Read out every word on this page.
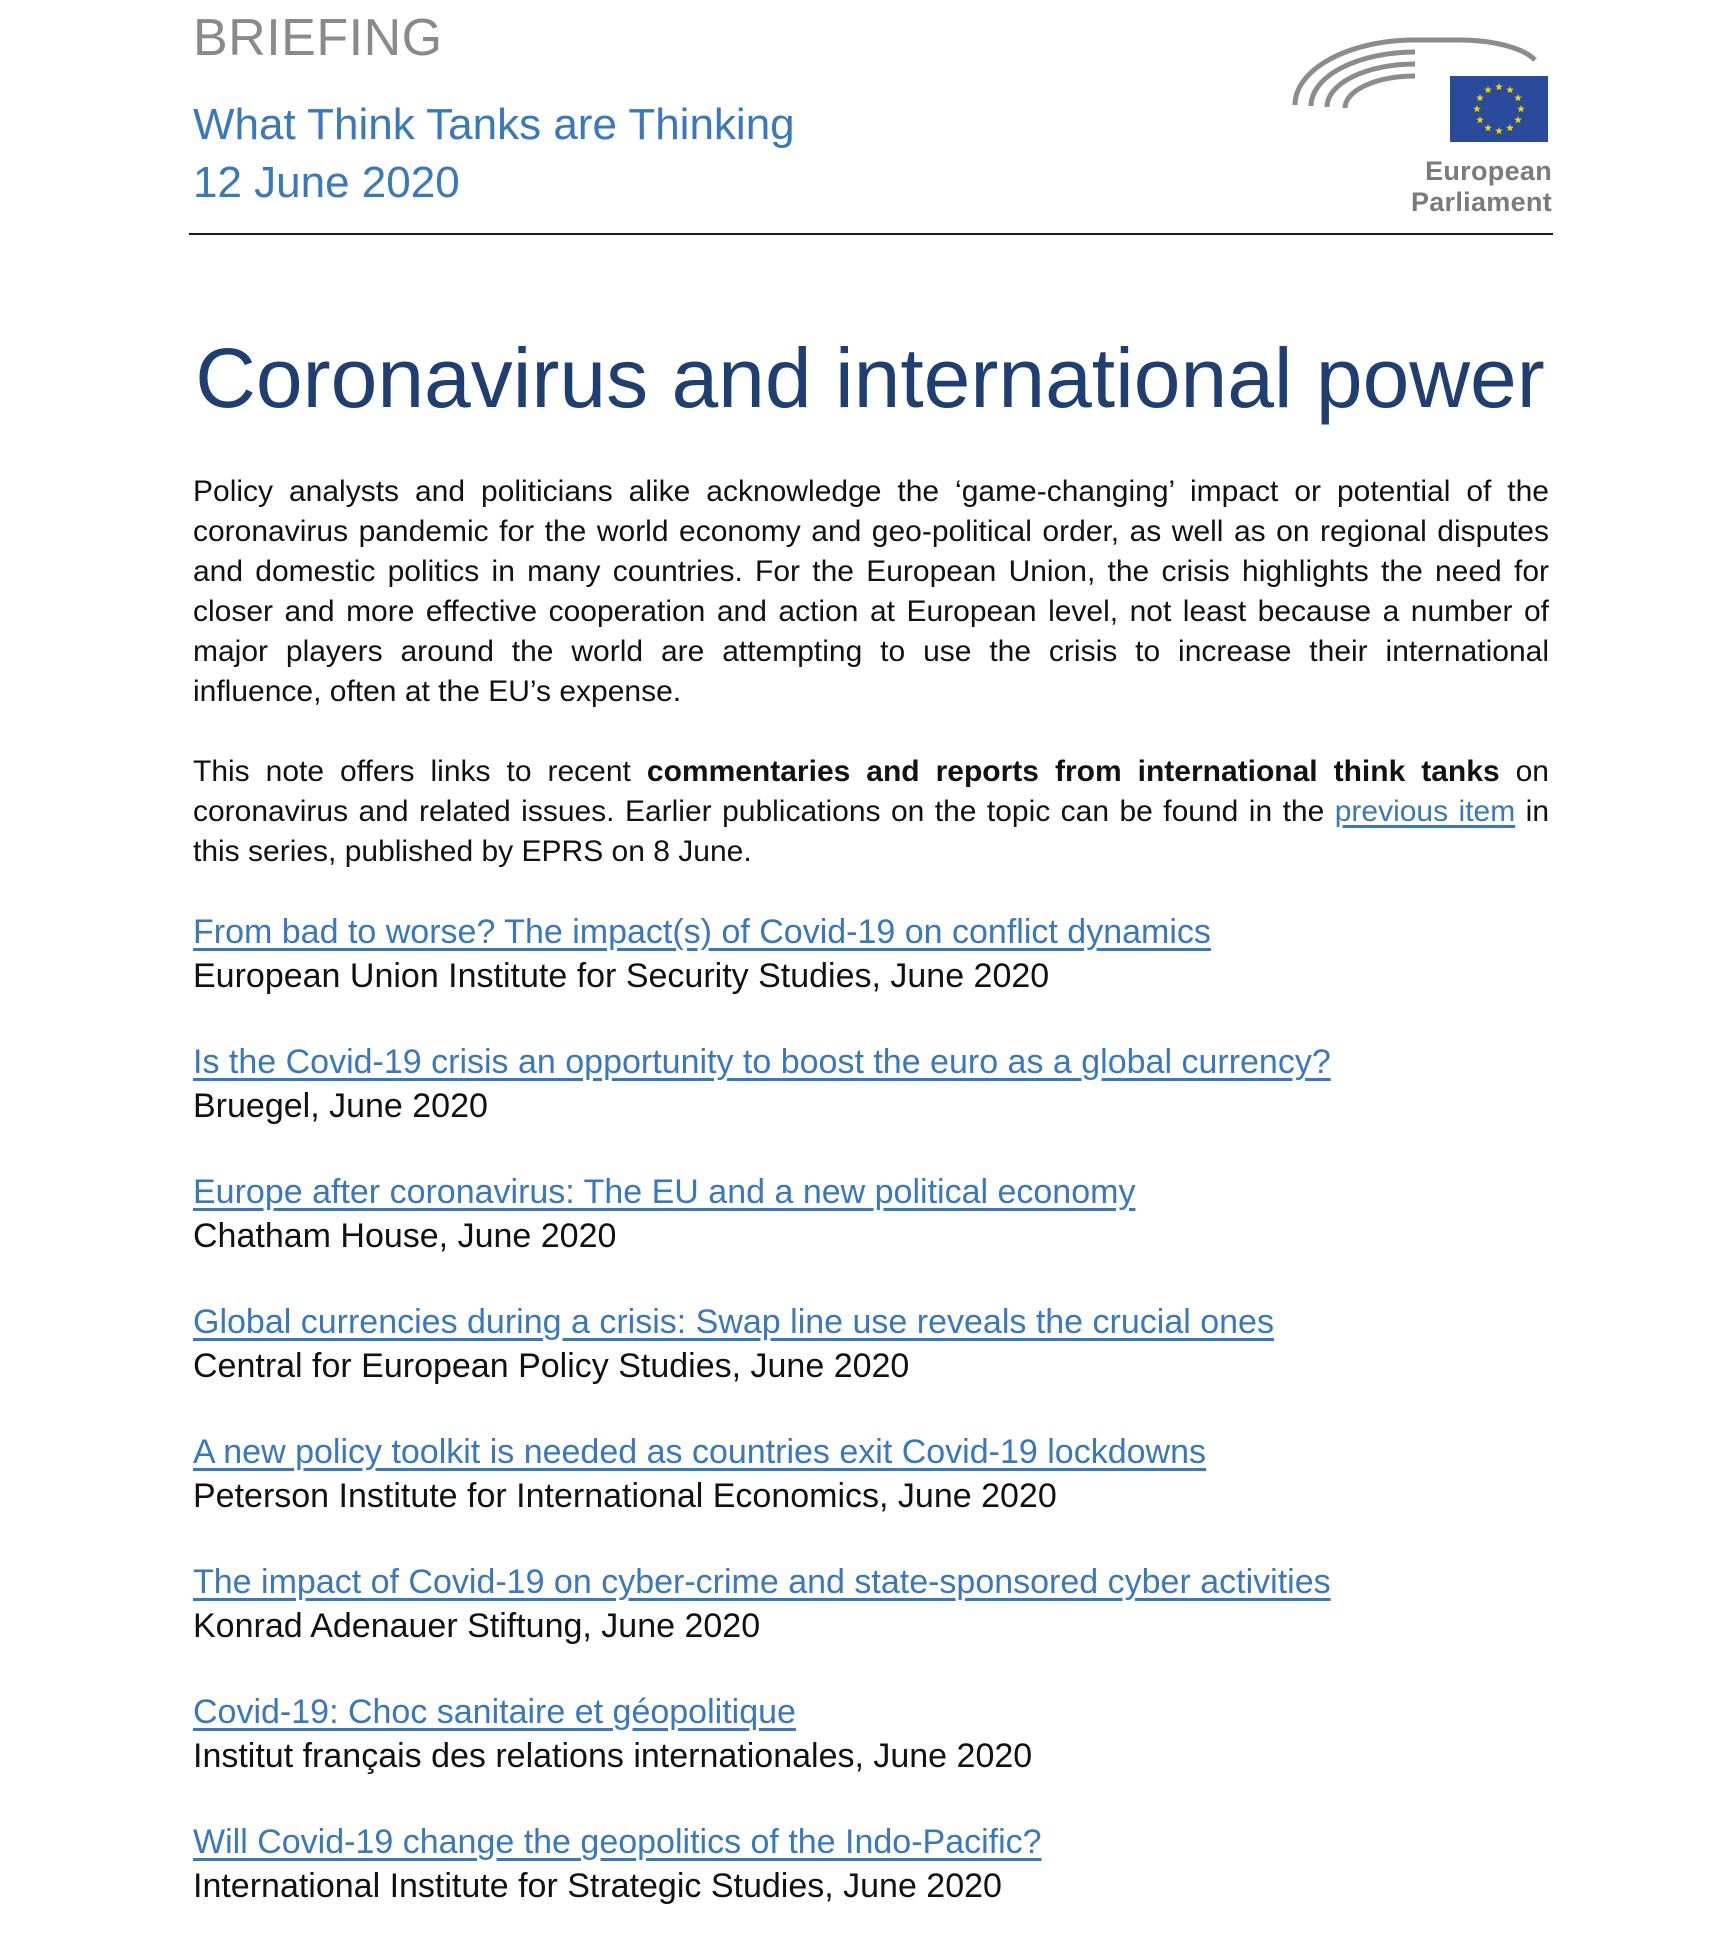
BRIEFING
What Think Tanks are Thinking
12 June 2020	European Parliament
Coronavirus and international power

Policy analysts and politicians alike acknowledge the ‘game-changing’ impact or potential of the coronavirus pandemic for the world economy and geo-political order, as well as on regional disputes and domestic politics in many countries. For the European Union, the crisis highlights the need for closer and more effective cooperation and action at European level, not least because a number of major players around the world are attempting to use the crisis to increase their international influence, often at the EU’s expense.

This note offers links to recent commentaries and reports from international think tanks on coronavirus and related issues. Earlier publications on the topic can be found in the previous item in this series, published by EPRS on 8 June.

From bad to worse? The impact(s) of Covid-19 on conflict dynamics
European Union Institute for Security Studies, June 2020
Is the Covid-19 crisis an opportunity to boost the euro as a global currency?
Bruegel, June 2020
Europe after coronavirus: The EU and a new political economy
Chatham House, June 2020
Global currencies during a crisis: Swap line use reveals the crucial ones
Central for European Policy Studies, June 2020
A new policy toolkit is needed as countries exit Covid-19 lockdowns
Peterson Institute for International Economics, June 2020
The impact of Covid-19 on cyber-crime and state-sponsored cyber activities
Konrad Adenauer Stiftung, June 2020
Covid-19: Choc sanitaire et géopolitique
Institut français des relations internationales, June 2020
Will Covid-19 change the geopolitics of the Indo-Pacific?
International Institute for Strategic Studies, June 2020
